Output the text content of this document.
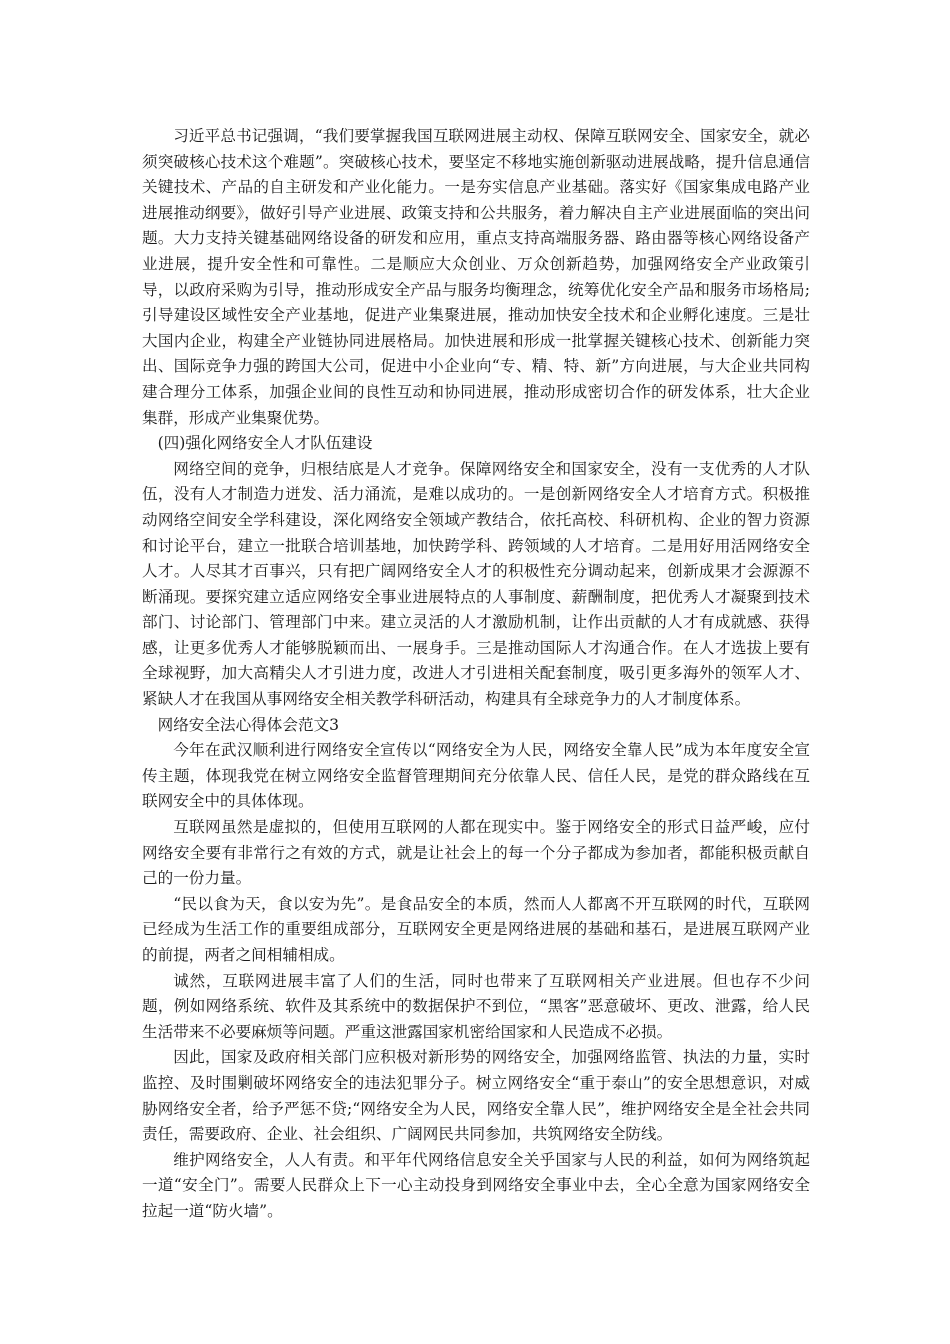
习近平总书记强调，“我们要掌握我国互联网进展主动权、保障互联网安全、国家安全，就必须突破核心技术这个难题”。突破核心技术，要坚定不移地实施创新驱动进展战略，提升信息通信关键技术、产品的自主研发和产业化能力。一是夯实信息产业基础。落实好《国家集成电路产业进展推动纲要》，做好引导产业进展、政策支持和公共服务，着力解决自主产业进展面临的突出问题。大力支持关键基础网络设备的研发和应用，重点支持高端服务器、路由器等核心网络设备产业进展，提升安全性和可靠性。二是顺应大众创业、万众创新趋势，加强网络安全产业政策引导，以政府采购为引导，推动形成安全产品与服务均衡理念，统筹优化安全产品和服务市场格局;引导建设区域性安全产业基地，促进产业集聚进展，推动加快安全技术和企业孵化速度。三是壮大国内企业，构建全产业链协同进展格局。加快进展和形成一批掌握关键核心技术、创新能力突出、国际竞争力强的跨国大公司，促进中小企业向“专、精、特、新”方向进展，与大企业共同构建合理分工体系，加强企业间的良性互动和协同进展，推动形成密切合作的研发体系，壮大企业集群，形成产业集聚优势。

(四)强化网络安全人才队伍建设

网络空间的竞争，归根结底是人才竞争。保障网络安全和国家安全，没有一支优秀的人才队伍，没有人才制造力迸发、活力涌流，是难以成功的。一是创新网络安全人才培育方式。积极推动网络空间安全学科建设，深化网络安全领域产教结合，依托高校、科研机构、企业的智力资源和讨论平台，建立一批联合培训基地，加快跨学科、跨领域的人才培育。二是用好用活网络安全人才。人尽其才百事兴，只有把广阔网络安全人才的积极性充分调动起来，创新成果才会源源不断涌现。要探究建立适应网络安全事业进展特点的人事制度、薪酬制度，把优秀人才凝聚到技术部门、讨论部门、管理部门中来。建立灵活的人才激励机制，让作出贡献的人才有成就感、获得感，让更多优秀人才能够脱颖而出、一展身手。三是推动国际人才沟通合作。在人才选拔上要有全球视野，加大高精尖人才引进力度，改进人才引进相关配套制度，吸引更多海外的领军人才、紧缺人才在我国从事网络安全相关教学科研活动，构建具有全球竞争力的人才制度体系。

网络安全法心得体会范文3

今年在武汉顺利进行网络安全宣传以“网络安全为人民，网络安全靠人民”成为本年度安全宣传主题，体现我党在树立网络安全监督管理期间充分依靠人民、信任人民，是党的群众路线在互联网安全中的具体体现。

互联网虽然是虚拟的，但使用互联网的人都在现实中。鉴于网络安全的形式日益严峻，应付网络安全要有非常行之有效的方式，就是让社会上的每一个分子都成为参加者，都能积极贡献自己的一份力量。

“民以食为天，食以安为先”。是食品安全的本质，然而人人都离不开互联网的时代，互联网已经成为生活工作的重要组成部分，互联网安全更是网络进展的基础和基石，是进展互联网产业的前提，两者之间相辅相成。

诚然，互联网进展丰富了人们的生活，同时也带来了互联网相关产业进展。但也存不少问题，例如网络系统、软件及其系统中的数据保护不到位，“黑客”恶意破坏、更改、泄露，给人民生活带来不必要麻烦等问题。严重这泄露国家机密给国家和人民造成不必损。

因此，国家及政府相关部门应积极对新形势的网络安全，加强网络监管、执法的力量，实时监控、及时围剿破坏网络安全的违法犯罪分子。树立网络安全“重于泰山”的安全思想意识，对威胁网络安全者，给予严惩不贷;“网络安全为人民，网络安全靠人民”，维护网络安全是全社会共同责任，需要政府、企业、社会组织、广阔网民共同参加，共筑网络安全防线。

维护网络安全，人人有责。和平年代网络信息安全关乎国家与人民的利益，如何为网络筑起一道“安全门”。需要人民群众上下一心主动投身到网络安全事业中去，全心全意为国家网络安全拉起一道“防火墙”。
